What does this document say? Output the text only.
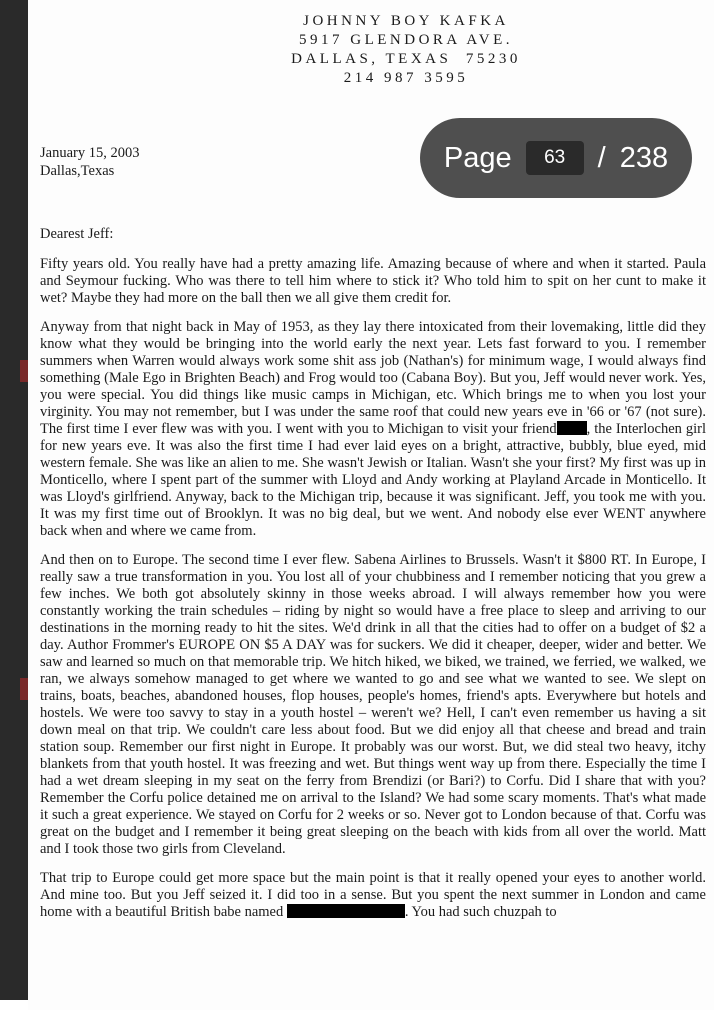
JOHNNY BOY KAFKA
5917 GLENDORA AVE.
DALLAS, TEXAS  75230
214 987 3595
January 15, 2003
Dallas,Texas
Dearest Jeff:

Fifty years old. You really have had a pretty amazing life. Amazing because of where and when it started. Paula and Seymour fucking. Who was there to tell him where to stick it? Who told him to spit on her cunt to make it wet? Maybe they had more on the ball then we all give them credit for.

Anyway from that night back in May of 1953, as they lay there intoxicated from their lovemaking, little did they know what they would be bringing into the world early the next year. Lets fast forward to you. I remember summers when Warren would always work some shit ass job (Nathan's) for minimum wage, I would always find something (Male Ego in Brighten Beach) and Frog would too (Cabana Boy). But you, Jeff would never work. Yes, you were special. You did things like music camps in Michigan, etc. Which brings me to when you lost your virginity. You may not remember, but I was under the same roof that could new years eve in '66 or '67 (not sure). The first time I ever flew was with you. I went with you to Michigan to visit your friend , the Interlochen girl for new years eve. It was also the first time I had ever laid eyes on a bright, attractive, bubbly, blue eyed, mid western female. She was like an alien to me. She wasn't Jewish or Italian. Wasn't she your first? My first was up in Monticello, where I spent part of the summer with Lloyd and Andy working at Playland Arcade in Monticello. It was Lloyd's girlfriend. Anyway, back to the Michigan trip, because it was significant. Jeff, you took me with you. It was my first time out of Brooklyn. It was no big deal, but we went. And nobody else ever WENT anywhere back when and where we came from.

And then on to Europe. The second time I ever flew. Sabena Airlines to Brussels. Wasn't it $800 RT. In Europe, I really saw a true transformation in you. You lost all of your chubbiness and I remember noticing that you grew a few inches. We both got absolutely skinny in those weeks abroad. I will always remember how you were constantly working the train schedules – riding by night so would have a free place to sleep and arriving to our destinations in the morning ready to hit the sites. We'd drink in all that the cities had to offer on a budget of $2 a day. Author Frommer's EUROPE ON $5 A DAY was for suckers. We did it cheaper, deeper, wider and better. We saw and learned so much on that memorable trip. We hitch hiked, we biked, we trained, we ferried, we walked, we ran, we always somehow managed to get where we wanted to go and see what we wanted to see. We slept on trains, boats, beaches, abandoned houses, flop houses, people's homes, friend's apts. Everywhere but hotels and hostels. We were too savvy to stay in a youth hostel – weren't we? Hell, I can't even remember us having a sit down meal on that trip. We couldn't care less about food. But we did enjoy all that cheese and bread and train station soup. Remember our first night in Europe. It probably was our worst. But, we did steal two heavy, itchy blankets from that youth hostel. It was freezing and wet. But things went way up from there. Especially the time I had a wet dream sleeping in my seat on the ferry from Brendizi (or Bari?) to Corfu. Did I share that with you? Remember the Corfu police detained me on arrival to the Island? We had some scary moments. That's what made it such a great experience. We stayed on Corfu for 2 weeks or so. Never got to London because of that. Corfu was great on the budget and I remember it being great sleeping on the beach with kids from all over the world. Matt and I took those two girls from Cleveland.

That trip to Europe could get more space but the main point is that it really opened your eyes to another world. And mine too. But you Jeff seized it. I did too in a sense. But you spent the next summer in London and came home with a beautiful British babe named	. You had such chuzpah to

Page	63	/ 238
